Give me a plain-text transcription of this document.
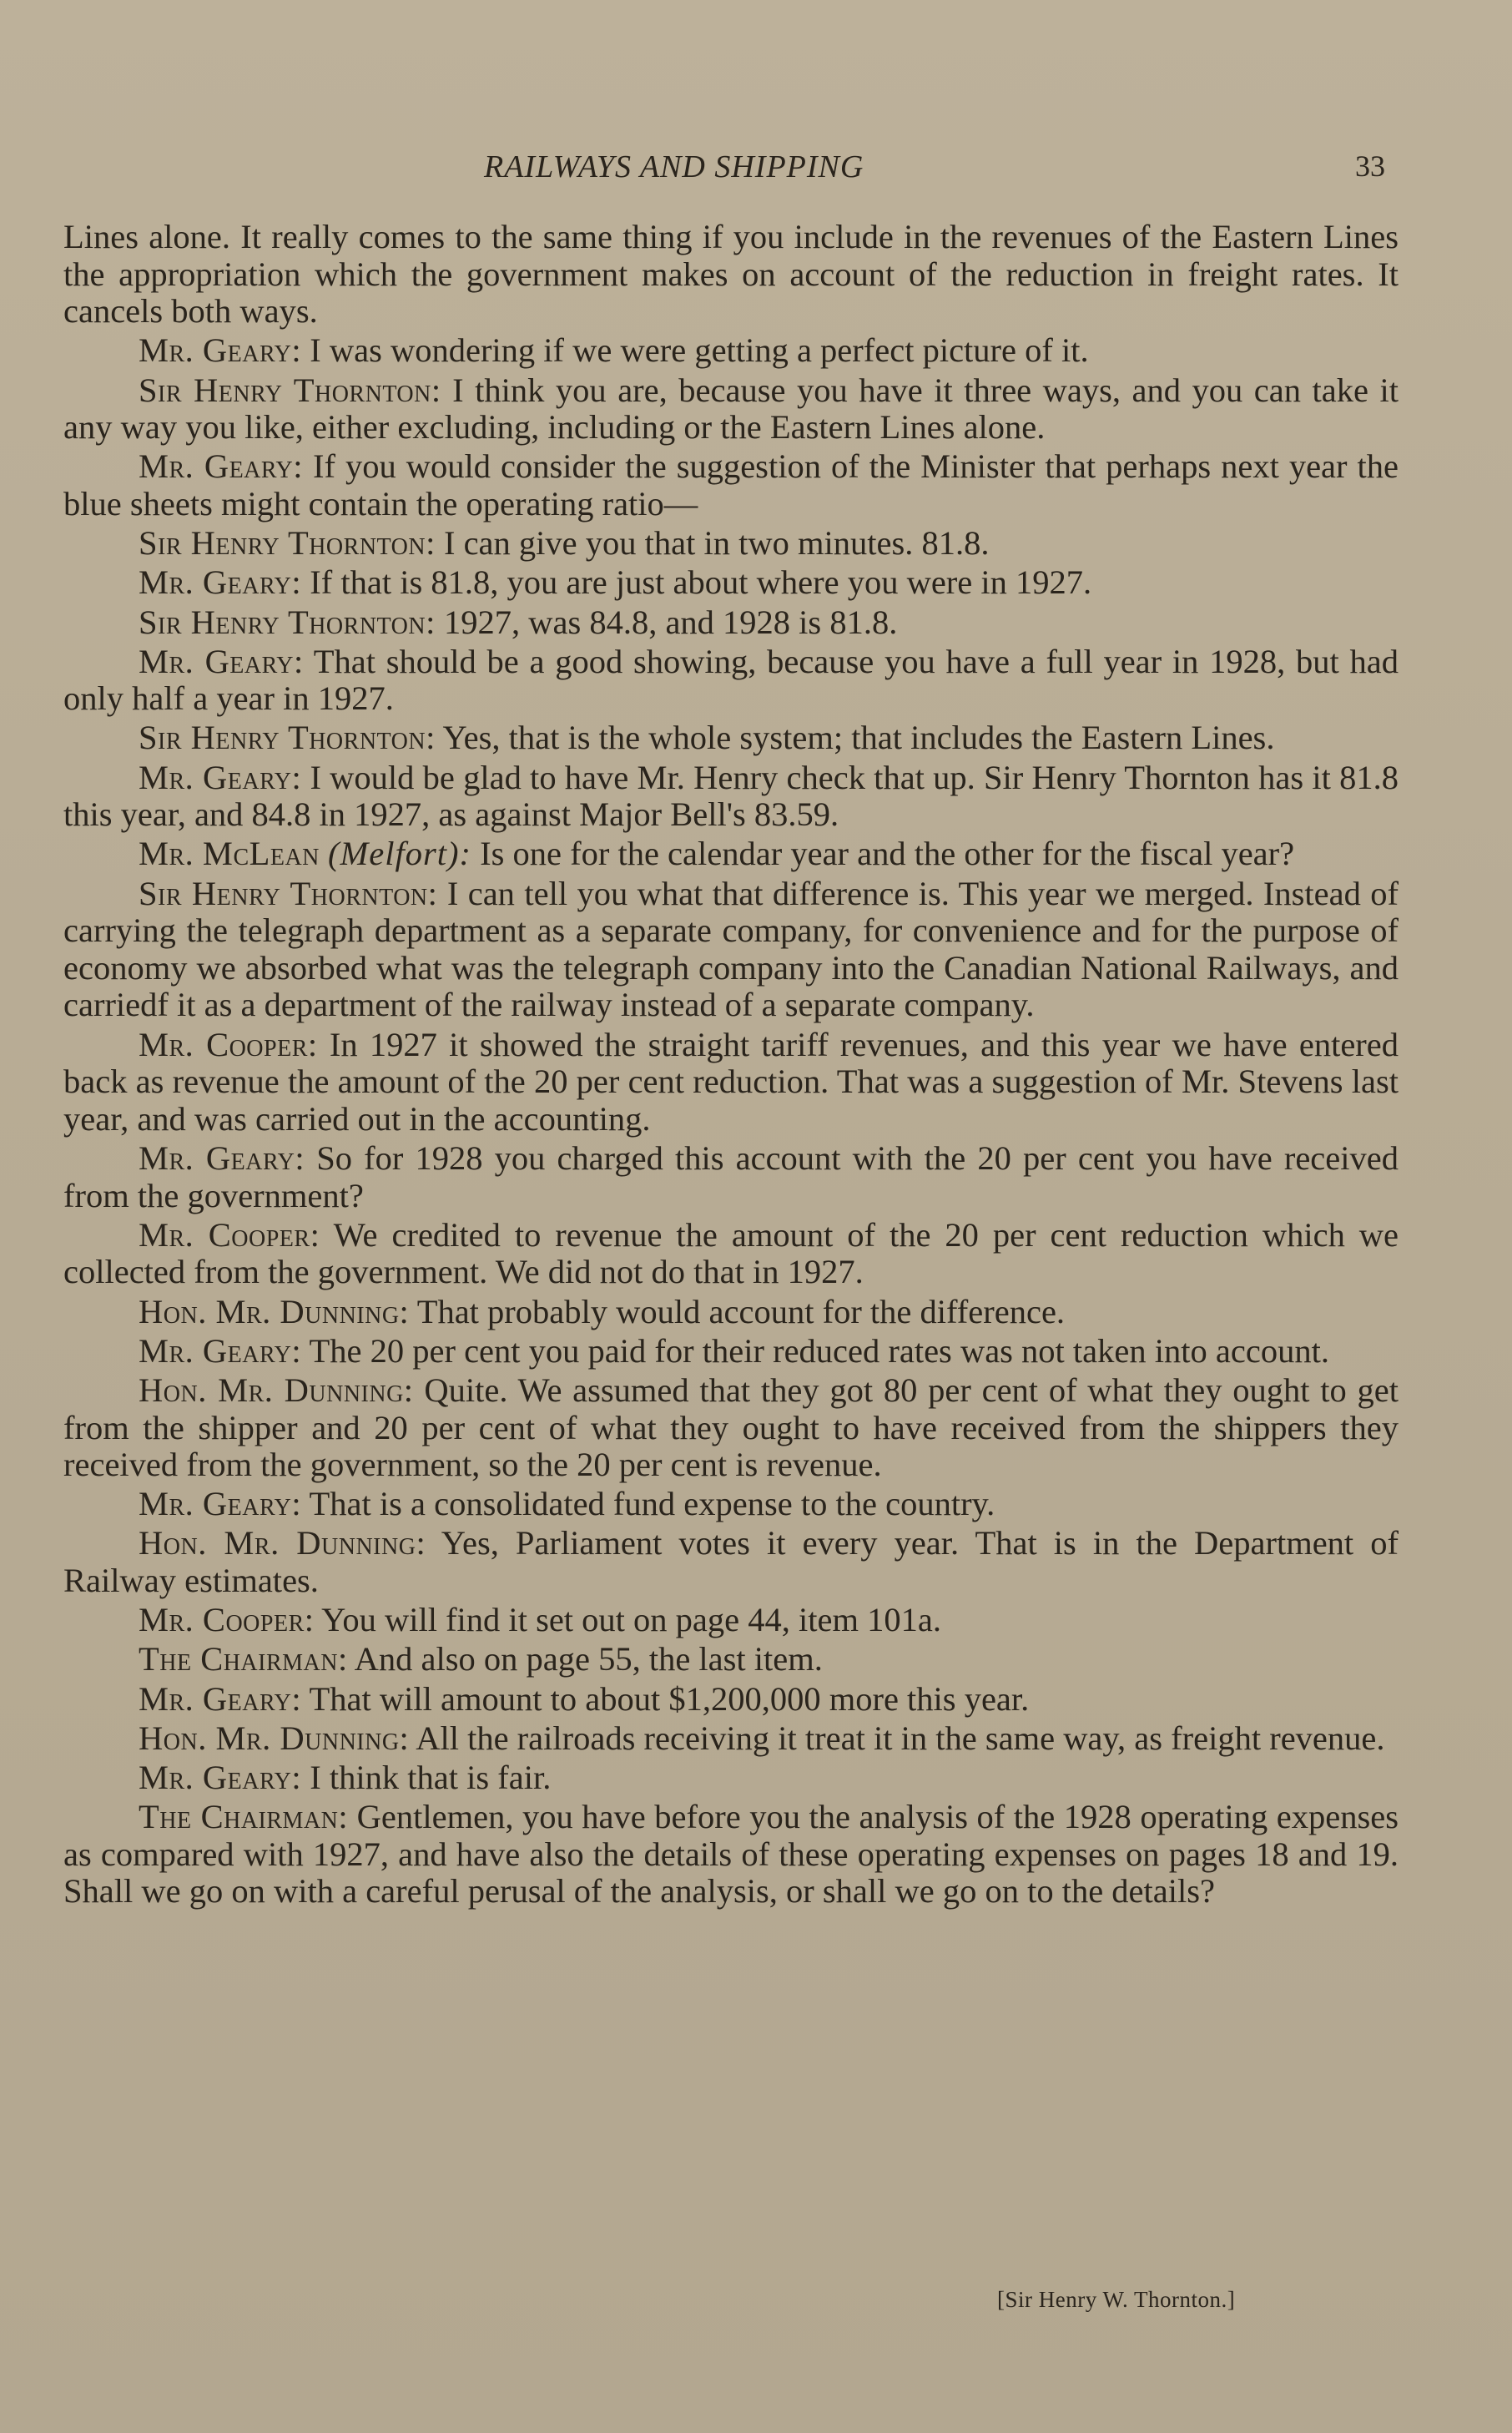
RAILWAYS AND SHIPPING	33

Lines alone. It really comes to the same thing if you include in the revenues of the Eastern Lines the appropriation which the government makes on account of the reduction in freight rates. It cancels both ways.

Mr. Geary: I was wondering if we were getting a perfect picture of it.

Sir Henry Thornton: I think you are, because you have it three ways, and you can take it any way you like, either excluding, including or the Eastern Lines alone.

Mr. Geary: If you would consider the suggestion of the Minister that perhaps next year the blue sheets might contain the operating ratio—

Sir Henry Thornton: I can give you that in two minutes. 81.8.

Mr. Geary: If that is 81.8, you are just about where you were in 1927.

Sir Henry Thornton: 1927, was 84.8, and 1928 is 81.8.

Mr. Geary: That should be a good showing, because you have a full year in 1928, but had only half a year in 1927.

Sir Henry Thornton: Yes, that is the whole system; that includes the Eastern Lines.

Mr. Geary: I would be glad to have Mr. Henry check that up. Sir Henry Thornton has it 81.8 this year, and 84.8 in 1927, as against Major Bell's 83.59.

Mr. McLean (Melfort): Is one for the calendar year and the other for the fiscal year?

Sir Henry Thornton: I can tell you what that difference is. This year we merged. Instead of carrying the telegraph department as a separate company, for convenience and for the purpose of economy we absorbed what was the telegraph company into the Canadian National Railways, and carriedf it as a department of the railway instead of a separate company.

Mr. Cooper: In 1927 it showed the straight tariff revenues, and this year we have entered back as revenue the amount of the 20 per cent reduction. That was a suggestion of Mr. Stevens last year, and was carried out in the accounting.

Mr. Geary: So for 1928 you charged this account with the 20 per cent you have received from the government?

Mr. Cooper: We credited to revenue the amount of the 20 per cent reduction which we collected from the government. We did not do that in 1927.

Hon. Mr. Dunning: That probably would account for the difference.

Mr. Geary: The 20 per cent you paid for their reduced rates was not taken into account.

Hon. Mr. Dunning: Quite. We assumed that they got 80 per cent of what they ought to get from the shipper and 20 per cent of what they ought to have received from the shippers they received from the government, so the 20 per cent is revenue.

Mr. Geary: That is a consolidated fund expense to the country.

Hon. Mr. Dunning: Yes, Parliament votes it every year. That is in the Department of Railway estimates.

Mr. Cooper: You will find it set out on page 44, item 101a.

The Chairman: And also on page 55, the last item.

Mr. Geary: That will amount to about $1,200,000 more this year.

Hon. Mr. Dunning: All the railroads receiving it treat it in the same way, as freight revenue.

Mr. Geary: I think that is fair.

The Chairman: Gentlemen, you have before you the analysis of the 1928 operating expenses as compared with 1927, and have also the details of these operating expenses on pages 18 and 19. Shall we go on with a careful perusal of the analysis, or shall we go on to the details?

[Sir Henry W. Thornton.]
